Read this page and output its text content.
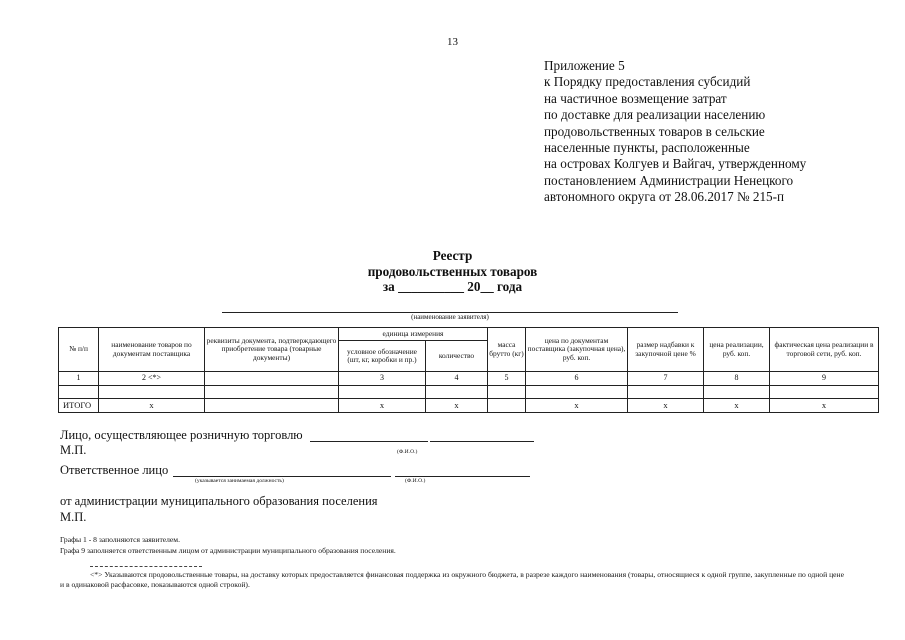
13
Приложение 5
к Порядку предоставления субсидий
на частичное возмещение затрат
по доставке для реализации населению
продовольственных товаров в сельские
населенные пункты, расположенные
на островах Колгуев и Вайгач, утвержденному
постановлением Администрации Ненецкого
автономного округа от 28.06.2017 № 215-п
Реестр
продовольственных товаров
за __________ 20__ года
(наименование заявителя)
№ п/п	наименование товаров по документам поставщика	реквизиты документа, подтверждающего приобретение товара (товарные документы)	единица измерения		масса брутто (кг)	цена по документам поставщика (закупочная цена), руб. коп.	размер надбавки к закупочной цене %	цена реализации, руб. коп.	фактическая цена реализации в торговой сети, руб. коп.
			условное обозначение (шт, кг, коробки и пр.)	количество					
1	2 <*>		3	4	5	6	7	8	9

ИТОГО	х		х	х		х	х	х	х
Лицо, осуществляющее розничную торговлю
М.П.	(Ф.И.О.)
Ответственное лицо
(указывается занимаемая должность)	(Ф.И.О.)
от администрации муниципального образования поселения
М.П.
Графы 1 - 8 заполняются заявителем.
Графа 9 заполняется ответственным лицом от администрации муниципального образования поселения.
<*> Указываются продовольственные товары, на доставку которых предоставляется финансовая поддержка из окружного бюджета, в разрезе каждого наименования (товары, относящиеся к одной группе, закупленные по одной цене и в одинаковой расфасовке, показываются одной строкой).
